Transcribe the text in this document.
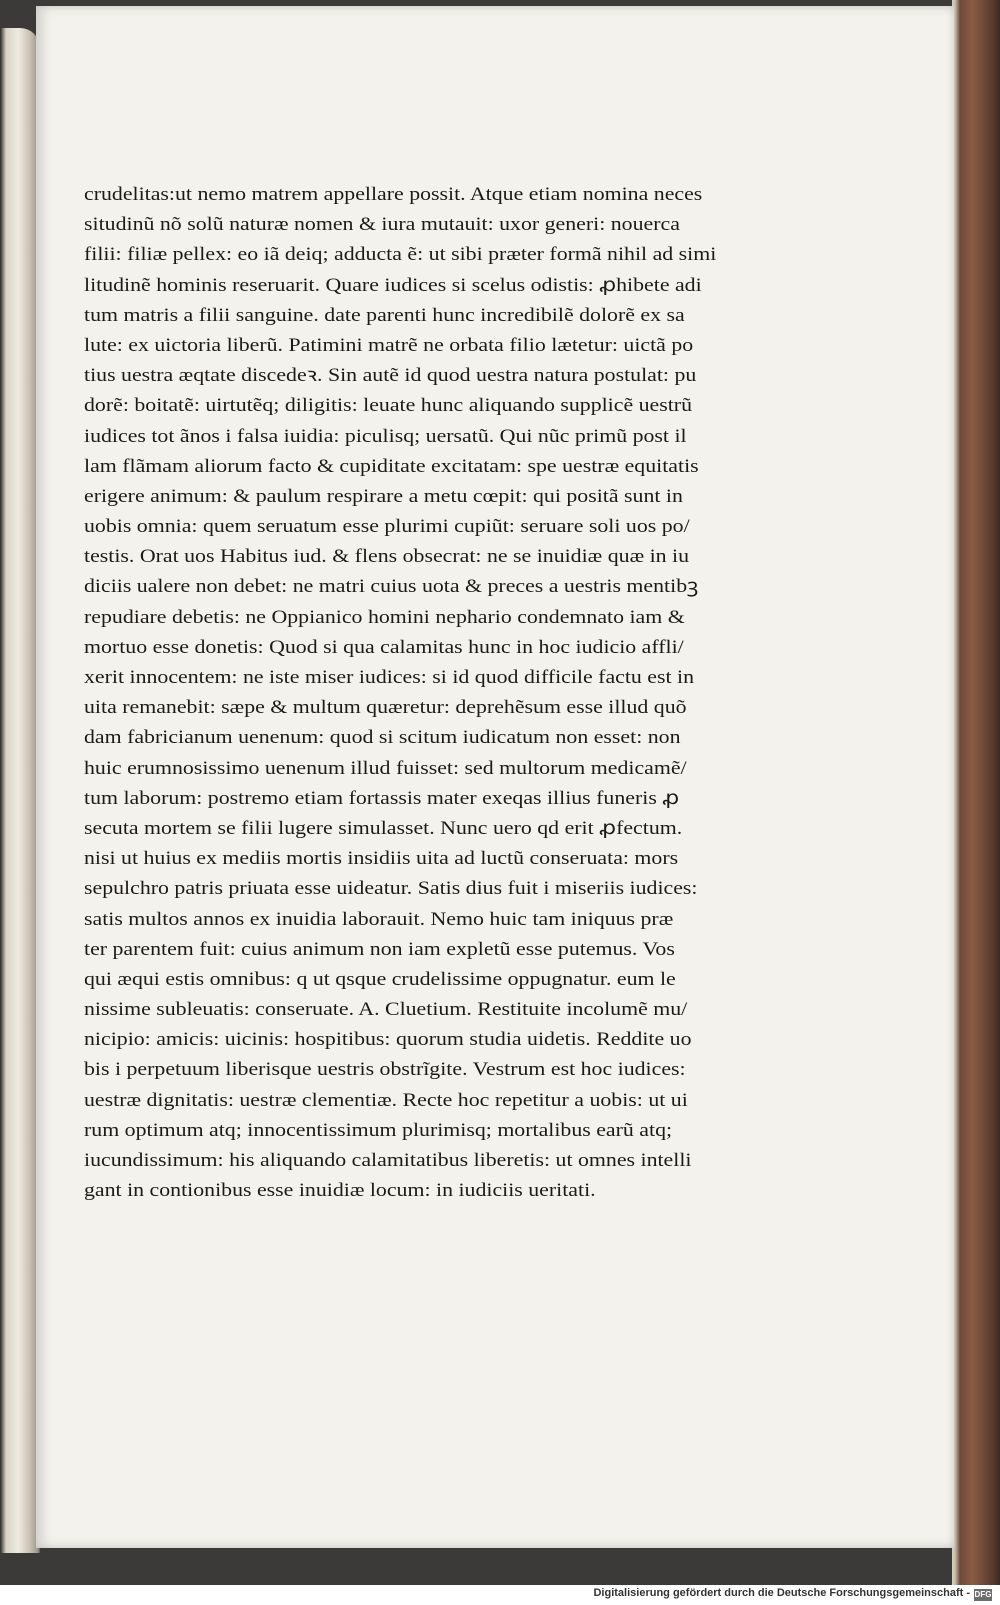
crudelitas:ut nemo matrem appellare possit. Atque etiam nomina neces
situdinũ nõ solũ naturæ nomen & iura mutauit: uxor generi: nouerca
filii: filiæ pellex: eo iã deiq; adducta ẽ: ut sibi præter formã nihil ad simi
litudinẽ hominis reseruarit. Quare iudices si scelus odistis: ꝓhibete adi
tum matris a filii sanguine. date parenti hunc incredibilẽ dolorẽ ex sa
lute: ex uictoria liberũ. Patimini matrẽ ne orbata filio lætetur: uictã po
tius uestra æqtate discedeꝛ. Sin autẽ id quod uestra natura postulat: pu
dorẽ: boitatẽ: uirtutẽq; diligitis: leuate hunc aliquando supplicẽ uestrũ
iudices tot ãnos i falsa iuidia: piculisq; uersatũ. Qui nũc primũ post il
lam flãmam aliorum facto & cupiditate excitatam: spe uestræ equitatis
erigere animum: & paulum respirare a metu cœpit: qui positã sunt in
uobis omnia: quem seruatum esse plurimi cupiũt: seruare soli uos po/
testis. Orat uos Habitus iud. & flens obsecrat: ne se inuidiæ quæ in iu
diciis ualere non debet: ne matri cuius uota & preces a uestris mentibꝫ
repudiare debetis: ne Oppianico homini nephario condemnato iam &
mortuo esse donetis: Quod si qua calamitas hunc in hoc iudicio affli/
xerit innocentem: ne iste miser iudices: si id quod difficile factu est in
uita remanebit: sæpe & multum quæretur: deprehẽsum esse illud quõ
dam fabricianum uenenum: quod si scitum iudicatum non esset: non
huic erumnosissimo uenenum illud fuisset: sed multorum medicamẽ/
tum laborum: postremo etiam fortassis mater exeqas illius funeris ꝓ
secuta mortem se filii lugere simulasset. Nunc uero qd erit ꝓfectum.
nisi ut huius ex mediis mortis insidiis uita ad luctũ conseruata: mors
sepulchro patris priuata esse uideatur. Satis dius fuit i miseriis iudices:
satis multos annos ex inuidia laborauit. Nemo huic tam iniquus præ
ter parentem fuit: cuius animum non iam expletũ esse putemus. Vos
qui æqui estis omnibus: q ut qsque crudelissime oppugnatur. eum le
nissime subleuatis: conseruate. A. Cluetium. Restituite incolumẽ mu/
nicipio: amicis: uicinis: hospitibus: quorum studia uidetis. Reddite uo
bis i perpetuum liberisque uestris obstrĩgite. Vestrum est hoc iudices:
uestræ dignitatis: uestræ clementiæ. Recte hoc repetitur a uobis: ut ui
rum optimum atq; innocentissimum plurimisq; mortalibus earũ atq;
iucundissimum: his aliquando calamitatibus liberetis: ut omnes intelli
gant in contionibus esse inuidiæ locum: in iudiciis ueritati.
Digitalisierung gefördert durch die Deutsche Forschungsgemeinschaft - DFG
